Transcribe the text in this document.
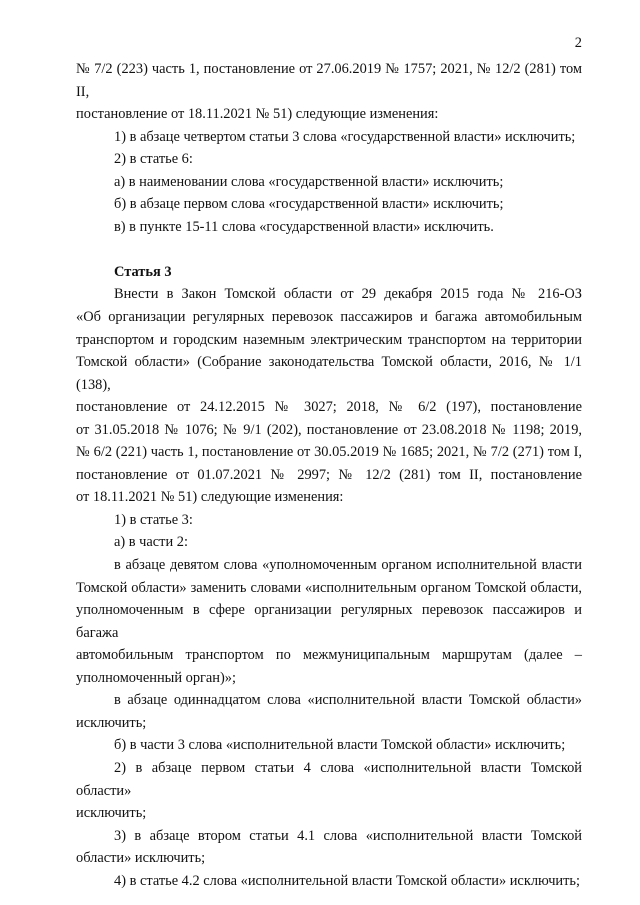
2

№ 7/2 (223) часть 1, постановление от 27.06.2019 № 1757; 2021, № 12/2 (281) том II,

постановление от 18.11.2021 № 51) следующие изменения:

1) в абзаце четвертом статьи 3 слова «государственной власти» исключить;

2) в статье 6:

а) в наименовании слова «государственной власти» исключить;

б) в абзаце первом слова «государственной власти» исключить;

в) в пункте 15-11 слова «государственной власти» исключить.

Статья 3

Внести в Закон Томской области от 29 декабря 2015 года № 216-ОЗ

«Об организации регулярных перевозок пассажиров и багажа автомобильным

транспортом и городским наземным электрическим транспортом на территории

Томской области» (Собрание законодательства Томской области, 2016, № 1/1 (138),

постановление от 24.12.2015 № 3027; 2018, № 6/2 (197), постановление

от 31.05.2018 № 1076; № 9/1 (202), постановление от 23.08.2018 № 1198; 2019,

№ 6/2 (221) часть 1, постановление от 30.05.2019 № 1685; 2021, № 7/2 (271) том I,

постановление от 01.07.2021 № 2997; № 12/2 (281) том II, постановление

от 18.11.2021 № 51) следующие изменения:

1) в статье 3:

а) в части 2:

в абзаце девятом слова «уполномоченным органом исполнительной власти

Томской области» заменить словами «исполнительным органом Томской области,

уполномоченным в сфере организации регулярных перевозок пассажиров и багажа

автомобильным транспортом по межмуниципальным маршрутам (далее –

уполномоченный орган)»;

в абзаце одиннадцатом слова «исполнительной власти Томской области»

исключить;

б) в части 3 слова «исполнительной власти Томской области» исключить;

2) в абзаце первом статьи 4 слова «исполнительной власти Томской области»

исключить;

3) в абзаце втором статьи 4.1 слова «исполнительной власти Томской

области» исключить;

4) в статье 4.2 слова «исполнительной власти Томской области» исключить;
